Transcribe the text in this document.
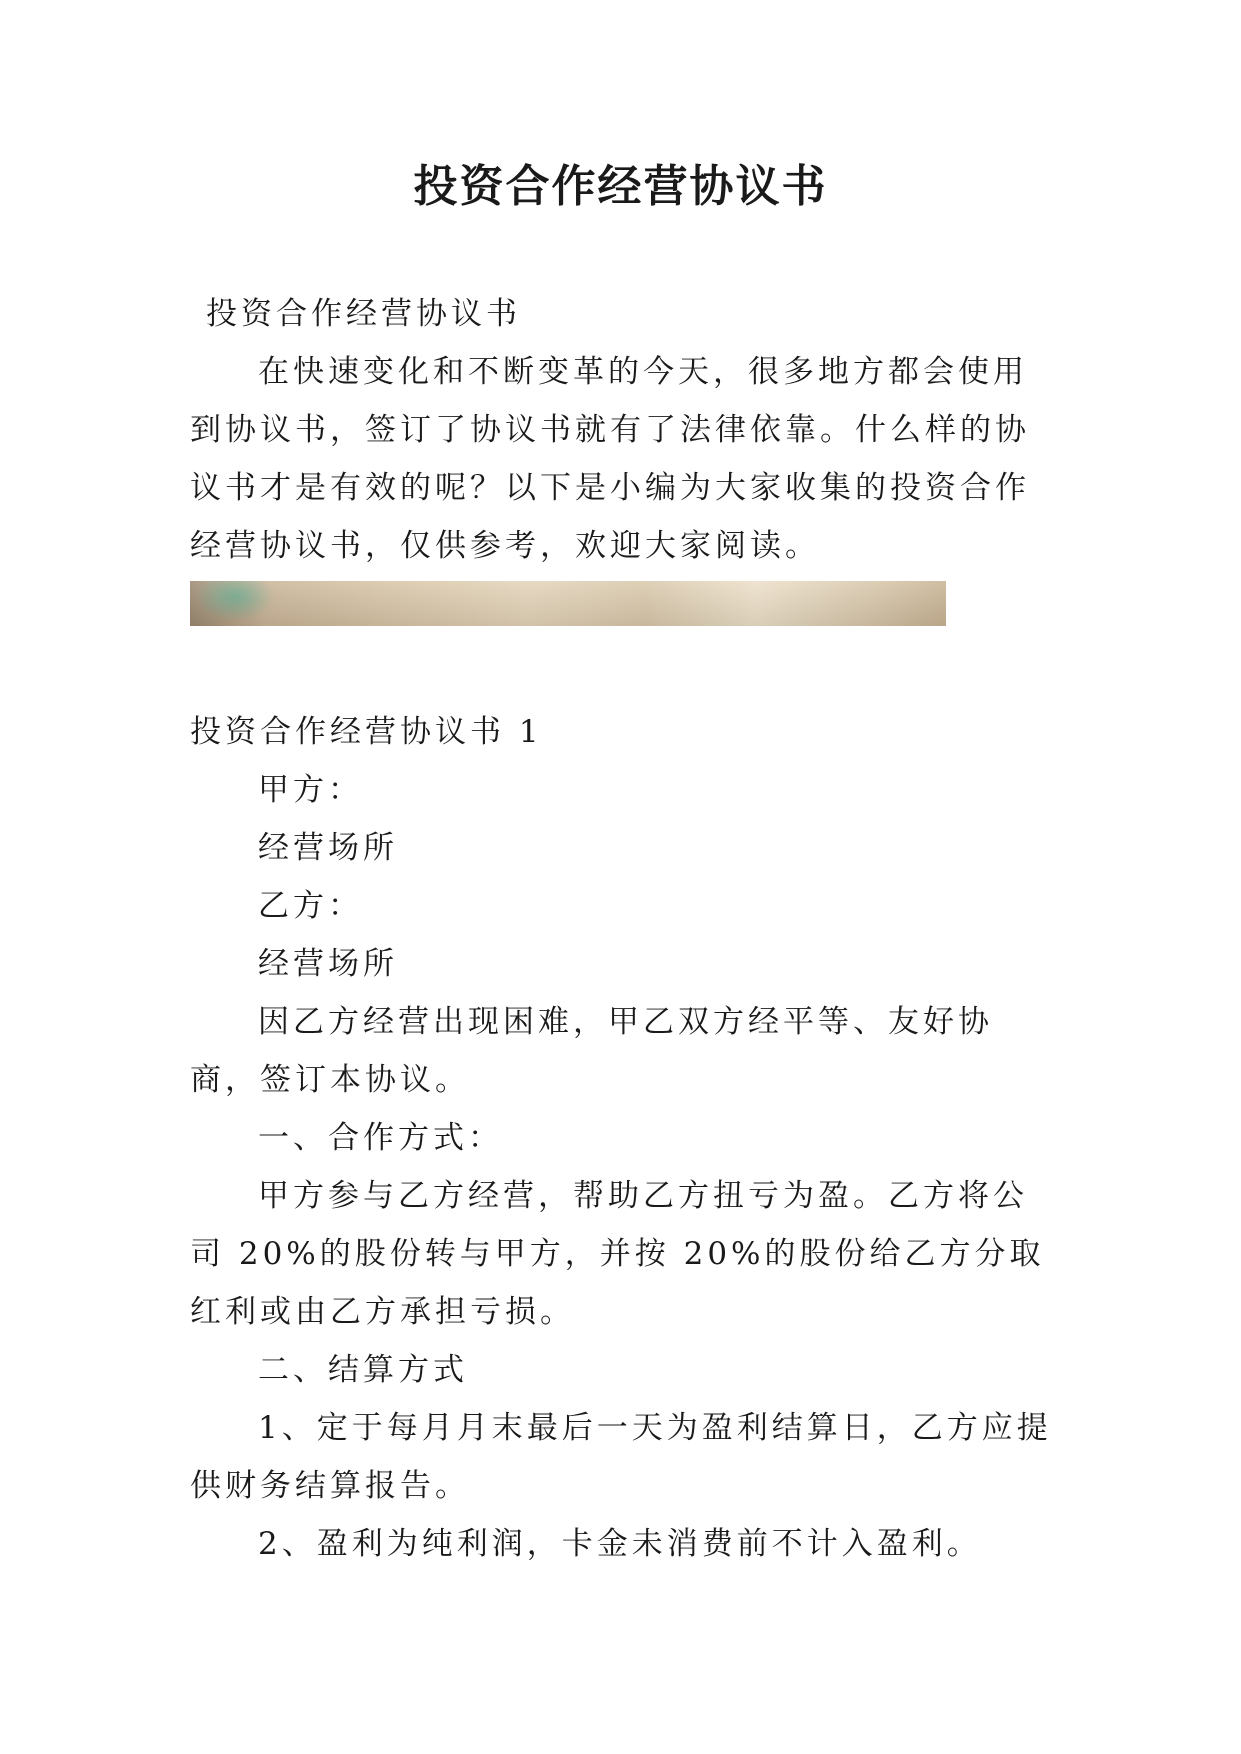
投资合作经营协议书

投资合作经营协议书

在快速变化和不断变革的今天，很多地方都会使用到协议书，签订了协议书就有了法律依靠。什么样的协议书才是有效的呢？以下是小编为大家收集的投资合作经营协议书，仅供参考，欢迎大家阅读。

投资合作经营协议书 1

甲方：

经营场所

乙方：

经营场所

因乙方经营出现困难，甲乙双方经平等、友好协商，签订本协议。

一、合作方式：

甲方参与乙方经营，帮助乙方扭亏为盈。乙方将公司 20%的股份转与甲方，并按 20%的股份给乙方分取红利或由乙方承担亏损。

二、结算方式

1、定于每月月末最后一天为盈利结算日，乙方应提供财务结算报告。

2、盈利为纯利润，卡金未消费前不计入盈利。
